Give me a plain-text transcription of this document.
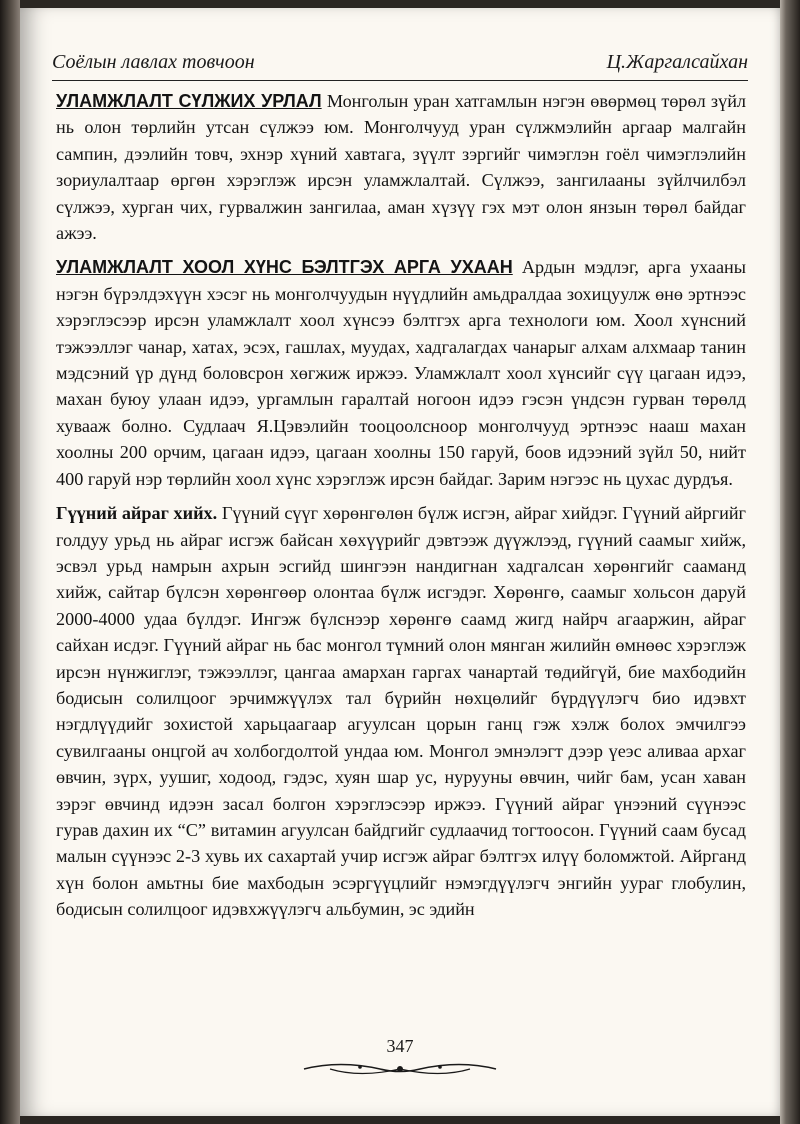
Соёлын лавлах товчоон	Ц.Жаргалсайхан

УЛАМЖЛАЛТ СҮЛЖИХ УРЛАЛ Монголын уран хатгамлын нэгэн өвөрмөц төрөл зүйл нь олон төрлийн утсан сүлжээ юм. Монголчууд уран сүлжмэлийн аргаар малгайн сампин, дээлийн товч, эхнэр хүний хавтага, зүүлт зэргийг чимэглэн гоёл чимэглэлийн зориулалтаар өргөн хэрэглэж ирсэн уламжлалтай. Сүлжээ, зангилааны зүйлчилбэл сүлжээ, хурган чих, гурвалжин зангилаа, аман хүзүү гэх мэт олон янзын төрөл байдаг ажээ.

УЛАМЖЛАЛТ ХООЛ ХҮНС БЭЛТГЭХ АРГА УХААН Ардын мэдлэг, арга ухааны нэгэн бүрэлдэхүүн хэсэг нь монголчуудын нүүдлийн амьдралдаа зохицуулж өнө эртнээс хэрэглэсээр ирсэн уламжлалт хоол хүнсээ бэлтгэх арга технологи юм. Хоол хүнсний тэжээллэг чанар, хатах, эсэх, гашлах, муудах, хадгалагдах чанарыг алхам алхмаар танин мэдсэний үр дүнд боловсрон хөгжиж иржээ. Уламжлалт хоол хүнсийг сүү цагаан идээ, махан буюу улаан идээ, ургамлын гаралтай ногоон идээ гэсэн үндсэн гурван төрөлд хувааж болно. Судлаач Я.Цэвэлийн тооцоолсноор монголчууд эртнээс наaш махан хоолны 200 орчим, цагаан идээ, цагаан хоолны 150 гаруй, боов идээний зүйл 50, нийт 400 гаруй нэр төрлийн хоол хүнс хэрэглэж ирсэн байдаг. Зарим нэгээс нь цухас дурдъя.

Гүүний айраг хийх. Гүүний сүүг хөрөнгөлөн бүлж исгэн, айраг хийдэг. Гүүний айргийг голдуу урьд нь айраг исгэж байсан хөхүүрийг дэвтээж дүүжлээд, гүүний саамыг хийж, эсвэл урьд намрын ахрын эсгийд шингээн нандигнан хадгалсан хөрөнгийг сааманд хийж, сайтар бүлсэн хөрөнгөөр олонтаа бүлж исгэдэг. Хөрөнгө, саамыг хольсон даруй 2000-4000 удаа бүлдэг. Ингэж бүлснээр хөрөнгө саамд жигд найрч агааржин, айраг сайхан исдэг. Гүүний айраг нь бас монгол түмний олон мянган жилийн өмнөөс хэрэглэж ирсэн нүнжиглэг, тэжээллэг, цангаа амархан гаргах чанартай төдийгүй, бие махбодийн бодисын солилцоог эрчимжүүлэх тал бүрийн нөхцөлийг бүрдүүлэгч био идэвхт нэгдлүүдийг зохистой харьцаагаар агуулсан цорын ганц гэж хэлж болох эмчилгээ сувилгааны онцгой ач холбогдолтой ундаа юм. Монгол эмнэлэгт дээр үеэс аливаа архаг өвчин, зүрх, уушиг, ходоод, гэдэс, хуян шар ус, нурууны өвчин, чийг бам, усан хаван зэрэг өвчинд идээн засал болгон хэрэглэсээр иржээ. Гүүний айраг үнээний сүүнээс гурав дахин их “С” витамин агуулсан байдгийг судлаачид тогтоосон. Гүүний саам бусад малын сүүнээс 2-3 хувь их сахартай учир исгэж айраг бэлтгэх илүү боломжтой. Айрганд хүн болон амьтны бие махбодын эсэргүүцлийг нэмэгдүүлэгч энгийн уураг глобулин, бодисын солилцоог идэвхжүүлэгч альбумин, эс эдийн

347
